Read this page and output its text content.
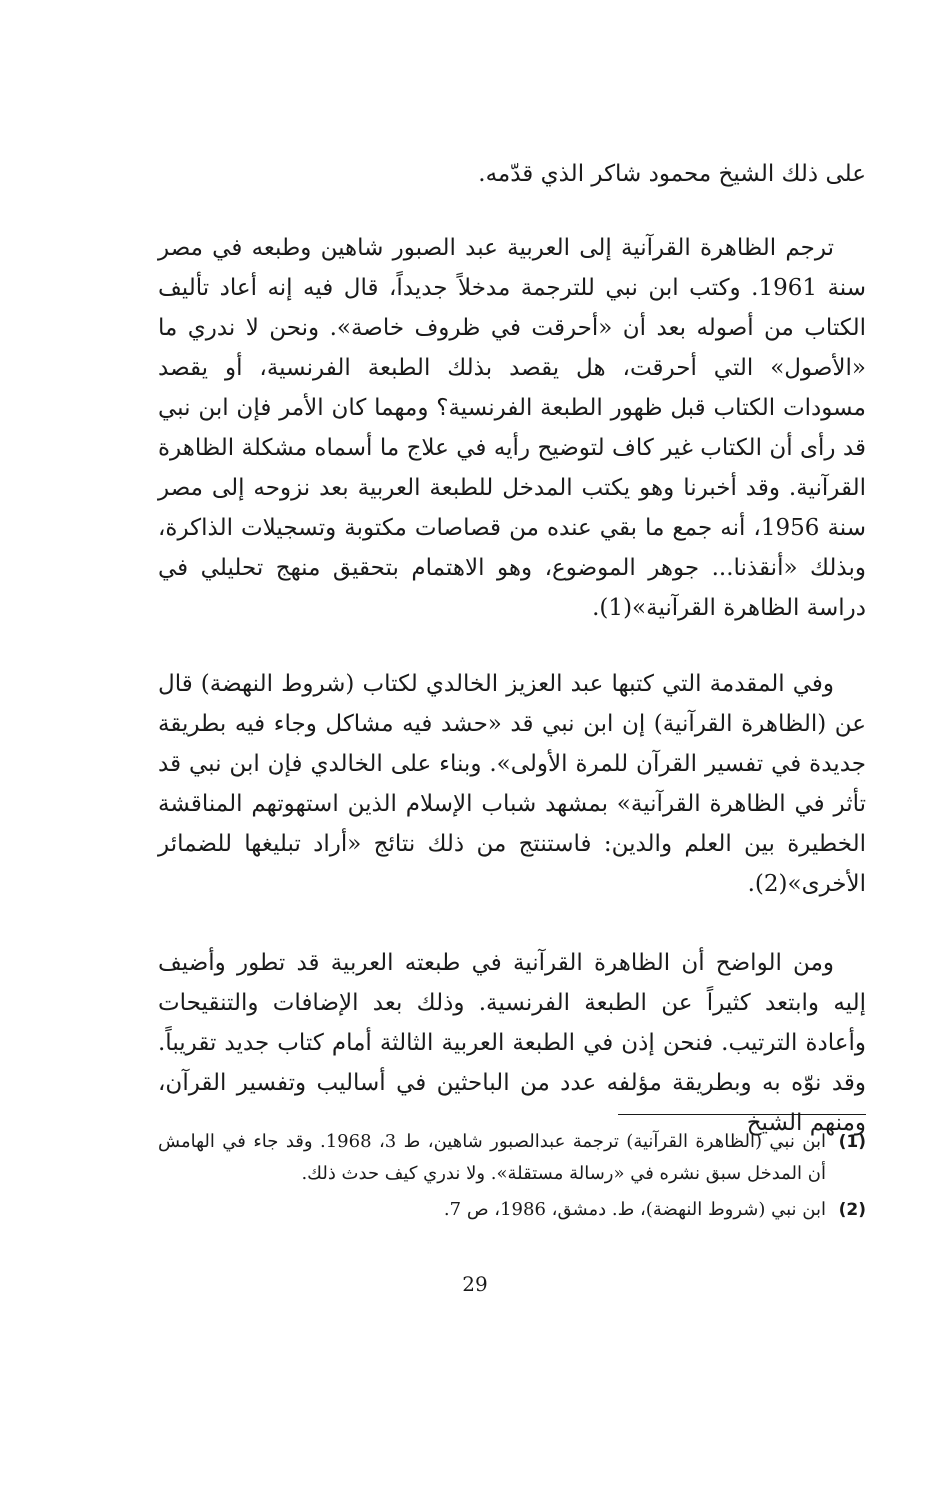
على ذلك الشيخ محمود شاكر الذي قدّمه.

ترجم الظاهرة القرآنية إلى العربية عبد الصبور شاهين وطبعه في مصر سنة 1961. وكتب ابن نبي للترجمة مدخلاً جديداً، قال فيه إنه أعاد تأليف الكتاب من أصوله بعد أن «أحرقت في ظروف خاصة». ونحن لا ندري ما «الأصول» التي أحرقت، هل يقصد بذلك الطبعة الفرنسية، أو يقصد مسودات الكتاب قبل ظهور الطبعة الفرنسية؟ ومهما كان الأمر فإن ابن نبي قد رأى أن الكتاب غير كاف لتوضيح رأيه في علاج ما أسماه مشكلة الظاهرة القرآنية. وقد أخبرنا وهو يكتب المدخل للطبعة العربية بعد نزوحه إلى مصر سنة 1956، أنه جمع ما بقي عنده من قصاصات مكتوبة وتسجيلات الذاكرة، وبذلك «أنقذنا... جوهر الموضوع، وهو الاهتمام بتحقيق منهج تحليلي في دراسة الظاهرة القرآنية»(1).

وفي المقدمة التي كتبها عبد العزيز الخالدي لكتاب (شروط النهضة) قال عن (الظاهرة القرآنية) إن ابن نبي قد «حشد فيه مشاكل وجاء فيه بطريقة جديدة في تفسير القرآن للمرة الأولى». وبناء على الخالدي فإن ابن نبي قد تأثر في الظاهرة القرآنية» بمشهد شباب الإسلام الذين استهوتهم المناقشة الخطيرة بين العلم والدين: فاستنتج من ذلك نتائج «أراد تبليغها للضمائر الأخرى»(2).

ومن الواضح أن الظاهرة القرآنية في طبعته العربية قد تطور وأضيف إليه وابتعد كثيراً عن الطبعة الفرنسية. وذلك بعد الإضافات والتنقيحات وأعادة الترتيب. فنحن إذن في الطبعة العربية الثالثة أمام كتاب جديد تقريباً. وقد نوّه به وبطريقة مؤلفه عدد من الباحثين في أساليب وتفسير القرآن، ومنهم الشيخ

(1)
ابن نبي (الظاهرة القرآنية) ترجمة عبدالصبور شاهين، ط 3، 1968. وقد جاء في الهامش أن المدخل سبق نشره في «رسالة مستقلة». ولا ندري كيف حدث ذلك.
(2)
ابن نبي (شروط النهضة)، ط. دمشق، 1986، ص 7.
29
